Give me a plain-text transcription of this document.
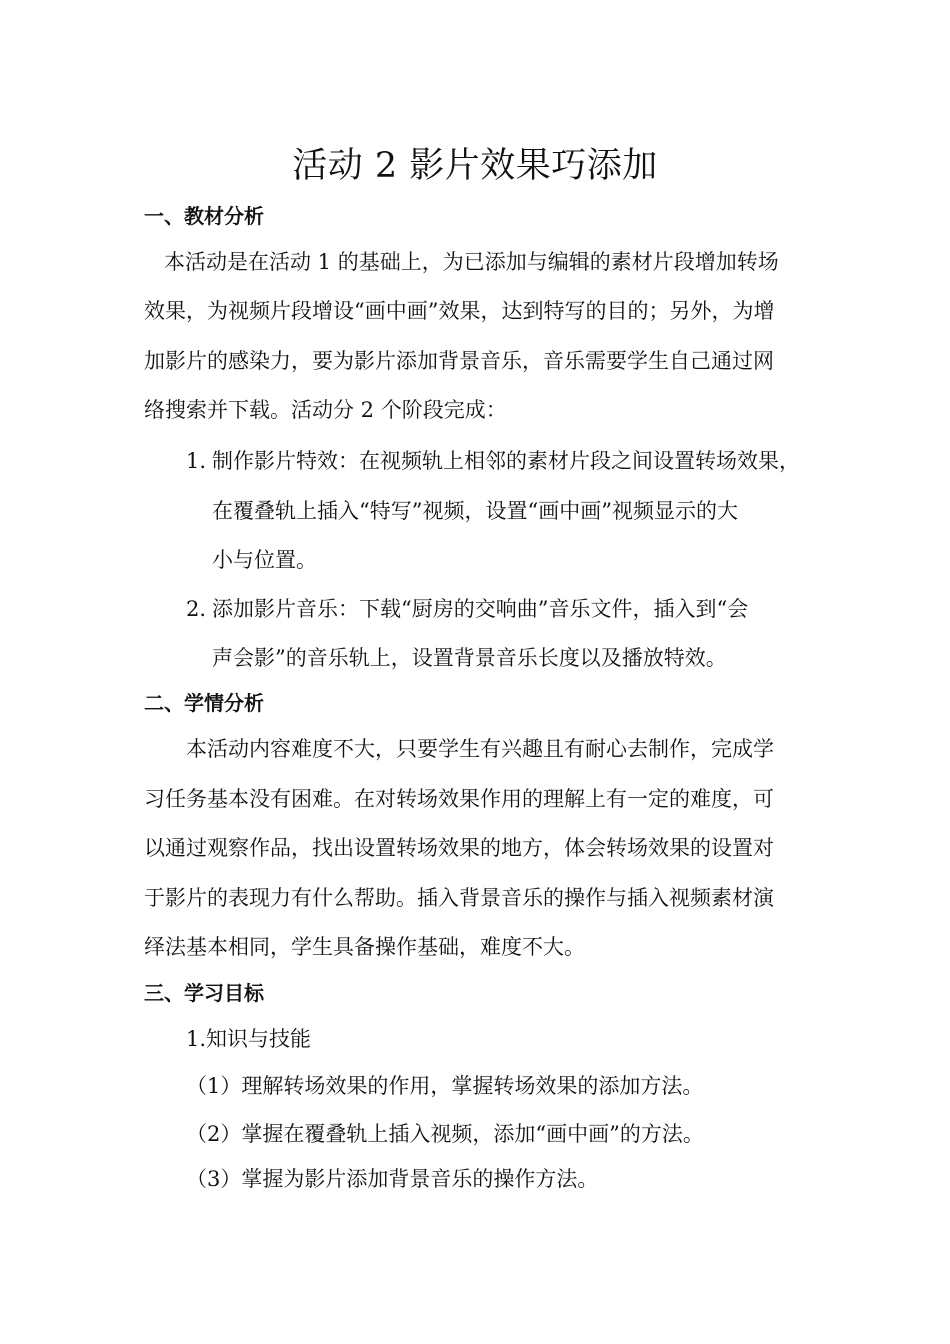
活动 2 影片效果巧添加
一、教材分析
本活动是在活动 1 的基础上，为已添加与编辑的素材片段增加转场
效果，为视频片段增设“画中画”效果，达到特写的目的；另外，为增
加影片的感染力，要为影片添加背景音乐，音乐需要学生自己通过网
络搜索并下载。活动分 2 个阶段完成：
1. 制作影片特效：在视频轨上相邻的素材片段之间设置转场效果，
在覆叠轨上插入“特写”视频，设置“画中画”视频显示的大
小与位置。
2. 添加影片音乐：下载“厨房的交响曲”音乐文件，插入到“会
声会影”的音乐轨上，设置背景音乐长度以及播放特效。
二、学情分析
本活动内容难度不大，只要学生有兴趣且有耐心去制作，完成学
习任务基本没有困难。在对转场效果作用的理解上有一定的难度，可
以通过观察作品，找出设置转场效果的地方，体会转场效果的设置对
于影片的表现力有什么帮助。插入背景音乐的操作与插入视频素材演
绎法基本相同，学生具备操作基础，难度不大。
三、学习目标
1.知识与技能
（1）理解转场效果的作用，掌握转场效果的添加方法。
（2）掌握在覆叠轨上插入视频，添加“画中画”的方法。
（3）掌握为影片添加背景音乐的操作方法。
